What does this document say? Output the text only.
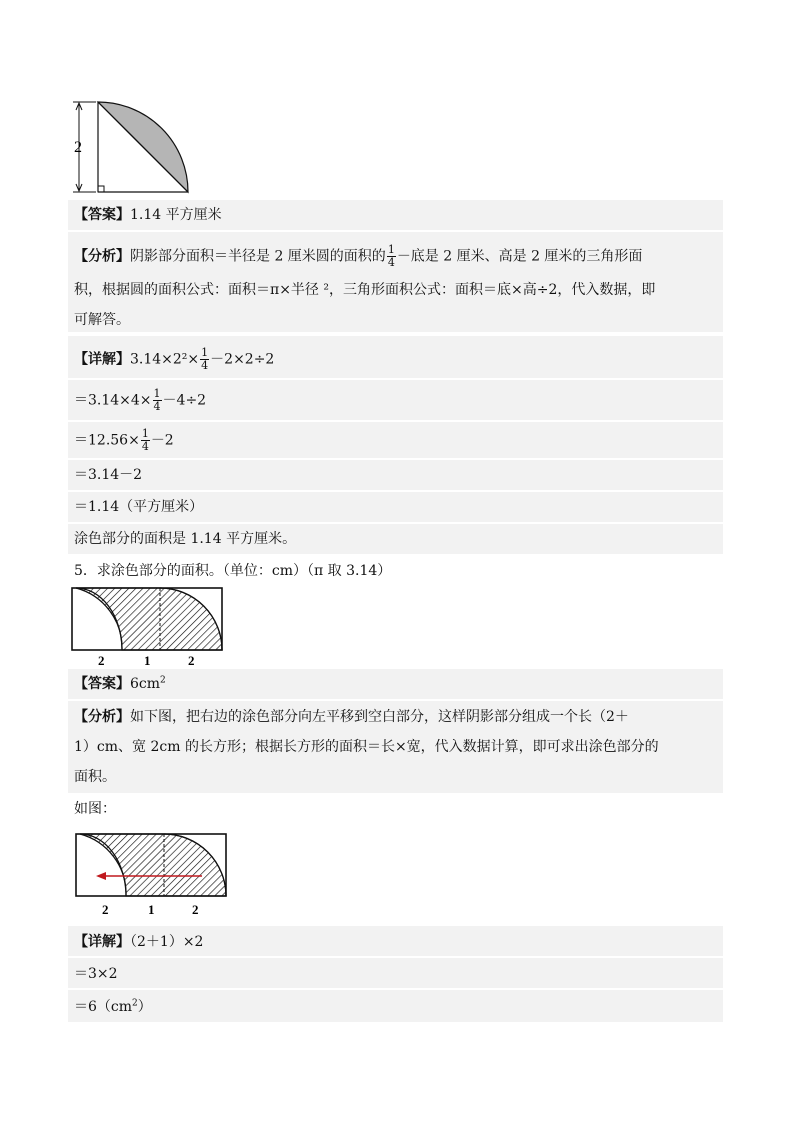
2
【答案】1.14 平方厘米
【分析】阴影部分面积＝半径是 2 厘米圆的面积的 $\frac{1}{4}$ －底是 2 厘米、高是 2 厘米的三角形面
积，根据圆的面积公式：面积＝π×半径 ²，三角形面积公式：面积＝底×高÷2，代入数据，即
可解答。
【详解】$3.14\times 2^2\times \frac{1}{4} -2\times 2\div 2$
$=3.14\times 4\times \frac{1}{4} -4\div 2$
$=12.56\times \frac{1}{4} -2$
＝3.14－2
＝1.14（平方厘米）
涂色部分的面积是 1.14 平方厘米。
5．求涂色部分的面积。（单位：cm）（π 取 3.14）
2	1	2
【答案】$6cm^2$
【分析】如下图，把右边的涂色部分向左平移到空白部分，这样阴影部分组成一个长（2＋
1）cm、宽 2cm 的长方形；根据长方形的面积＝长×宽，代入数据计算，即可求出涂色部分的
面积。
如图：
2	1	2
【详解】（2＋1）×2
＝3×2
$=6(cm^2)$
